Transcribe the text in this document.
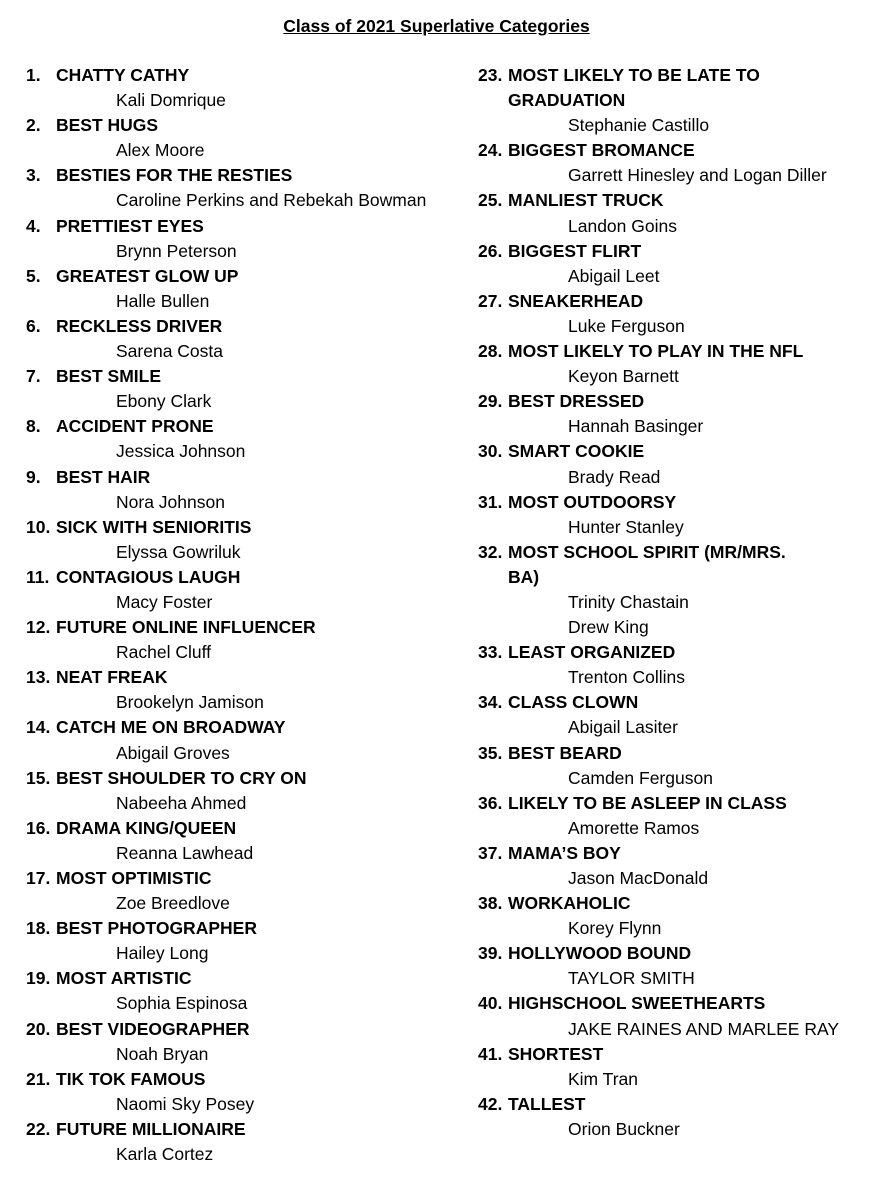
Class of 2021 Superlative Categories
1. CHATTY CATHY
Kali Domrique
2. BEST HUGS
Alex Moore
3. BESTIES FOR THE RESTIES
Caroline Perkins and Rebekah Bowman
4. PRETTIEST EYES
Brynn Peterson
5. GREATEST GLOW UP
Halle Bullen
6. RECKLESS DRIVER
Sarena Costa
7. BEST SMILE
Ebony Clark
8. ACCIDENT PRONE
Jessica Johnson
9. BEST HAIR
Nora Johnson
10. SICK WITH SENIORITIS
Elyssa Gowriluk
11. CONTAGIOUS LAUGH
Macy Foster
12. FUTURE ONLINE INFLUENCER
Rachel Cluff
13. NEAT FREAK
Brookelyn Jamison
14. CATCH ME ON BROADWAY
Abigail Groves
15. BEST SHOULDER TO CRY ON
Nabeeha Ahmed
16. DRAMA KING/QUEEN
Reanna Lawhead
17. MOST OPTIMISTIC
Zoe Breedlove
18. BEST PHOTOGRAPHER
Hailey Long
19. MOST ARTISTIC
Sophia Espinosa
20. BEST VIDEOGRAPHER
Noah Bryan
21. TIK TOK FAMOUS
Naomi Sky Posey
22. FUTURE MILLIONAIRE
Karla Cortez
23. MOST LIKELY TO BE LATE TO GRADUATION
Stephanie Castillo
24. BIGGEST BROMANCE
Garrett Hinesley and Logan Diller
25. MANLIEST TRUCK
Landon Goins
26. BIGGEST FLIRT
Abigail Leet
27. SNEAKERHEAD
Luke Ferguson
28. MOST LIKELY TO PLAY IN THE NFL
Keyon Barnett
29. BEST DRESSED
Hannah Basinger
30. SMART COOKIE
Brady Read
31. MOST OUTDOORSY
Hunter Stanley
32. MOST SCHOOL SPIRIT (MR/MRS. BA)
Trinity Chastain
Drew King
33. LEAST ORGANIZED
Trenton Collins
34. CLASS CLOWN
Abigail Lasiter
35. BEST BEARD
Camden Ferguson
36. LIKELY TO BE ASLEEP IN CLASS
Amorette Ramos
37. MAMA’S BOY
Jason MacDonald
38. WORKAHOLIC
Korey Flynn
39. HOLLYWOOD BOUND
TAYLOR SMITH
40. HIGHSCHOOL SWEETHEARTS
JAKE RAINES AND MARLEE RAY
41. SHORTEST
Kim Tran
42. TALLEST
Orion Buckner
